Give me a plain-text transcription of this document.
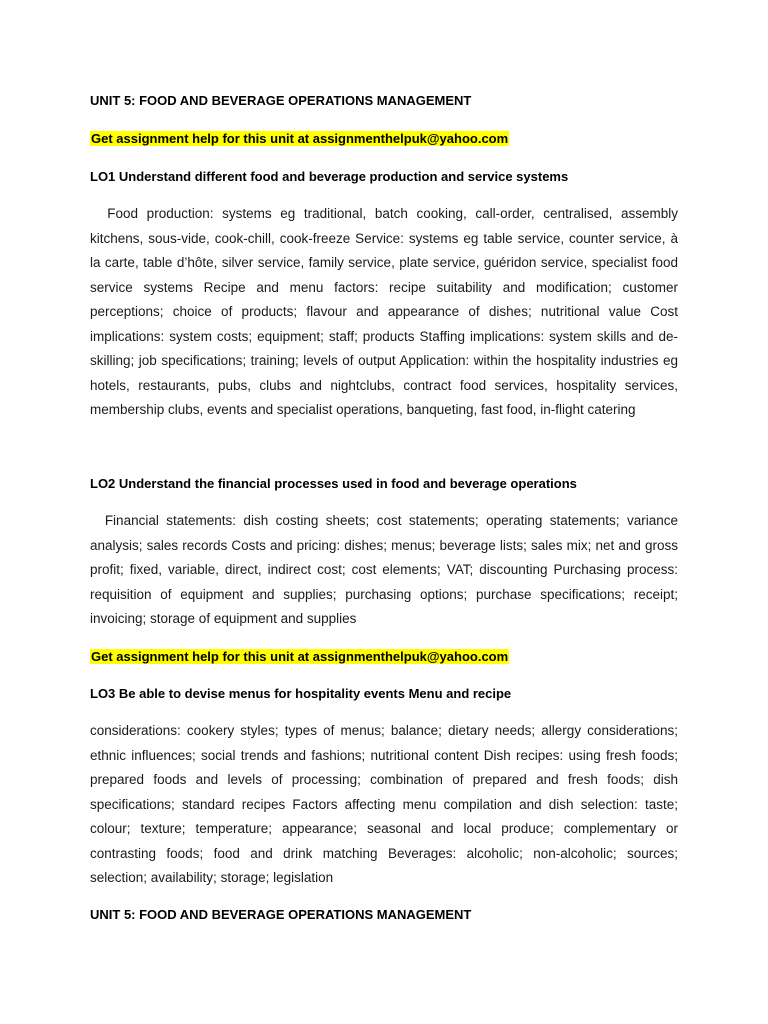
UNIT 5: FOOD AND BEVERAGE OPERATIONS MANAGEMENT
Get assignment help for this unit at assignmenthelpuk@yahoo.com
LO1 Understand different food and beverage production and service systems
Food production: systems eg traditional, batch cooking, call-order, centralised, assembly kitchens, sous-vide, cook-chill, cook-freeze Service: systems eg table service, counter service, à la carte, table d’hôte, silver service, family service, plate service, guéridon service, specialist food service systems Recipe and menu factors: recipe suitability and modification; customer perceptions; choice of products; flavour and appearance of dishes; nutritional value Cost implications: system costs; equipment; staff; products Staffing implications: system skills and de-skilling; job specifications; training; levels of output Application: within the hospitality industries eg hotels, restaurants, pubs, clubs and nightclubs, contract food services, hospitality services, membership clubs, events and specialist operations, banqueting, fast food, in-flight catering
LO2 Understand the financial processes used in food and beverage operations
Financial statements: dish costing sheets; cost statements; operating statements; variance analysis; sales records Costs and pricing: dishes; menus; beverage lists; sales mix; net and gross profit; fixed, variable, direct, indirect cost; cost elements; VAT; discounting Purchasing process: requisition of equipment and supplies; purchasing options; purchase specifications; receipt; invoicing; storage of equipment and supplies
Get assignment help for this unit at assignmenthelpuk@yahoo.com
LO3 Be able to devise menus for hospitality events Menu and recipe
considerations: cookery styles; types of menus; balance; dietary needs; allergy considerations; ethnic influences; social trends and fashions; nutritional content Dish recipes: using fresh foods; prepared foods and levels of processing; combination of prepared and fresh foods; dish specifications; standard recipes Factors affecting menu compilation and dish selection: taste; colour; texture; temperature; appearance; seasonal and local produce; complementary or contrasting foods; food and drink matching Beverages: alcoholic; non-alcoholic; sources; selection; availability; storage; legislation
UNIT 5: FOOD AND BEVERAGE OPERATIONS MANAGEMENT
